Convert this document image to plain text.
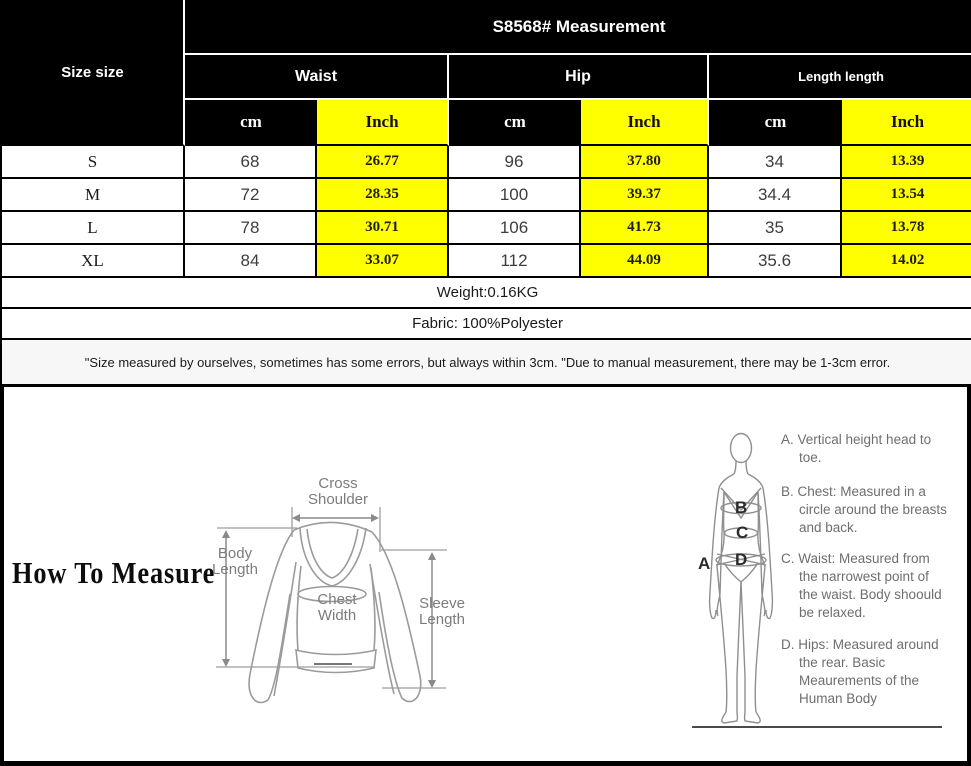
Size size	S8568# Measurement					
	Waist		Hip		Length length	
	cm	Inch	cm	Inch	cm	Inch
S	68	26.77	96	37.80	34	13.39
M	72	28.35	100	39.37	34.4	13.54
L	78	30.71	106	41.73	35	13.78
XL	84	33.07	112	44.09	35.6	14.02
Weight:0.16KG						
Fabric: 100%Polyester						
"Size measured by ourselves, sometimes has some errors, but always within 3cm. "Due to manual measurement, there may be 1-3cm error.						
How To Measure
Cross Shoulder
Body Length
Chest Width
Sleeve Length
A
B
C
D
A. Vertical height head to toe.
B. Chest: Measured in a circle around the breasts and back.
C. Waist: Measured from the narrowest point of the waist. Body shoould be relaxed.
D. Hips: Measured around the rear. Basic Meaurements of the Human Body
